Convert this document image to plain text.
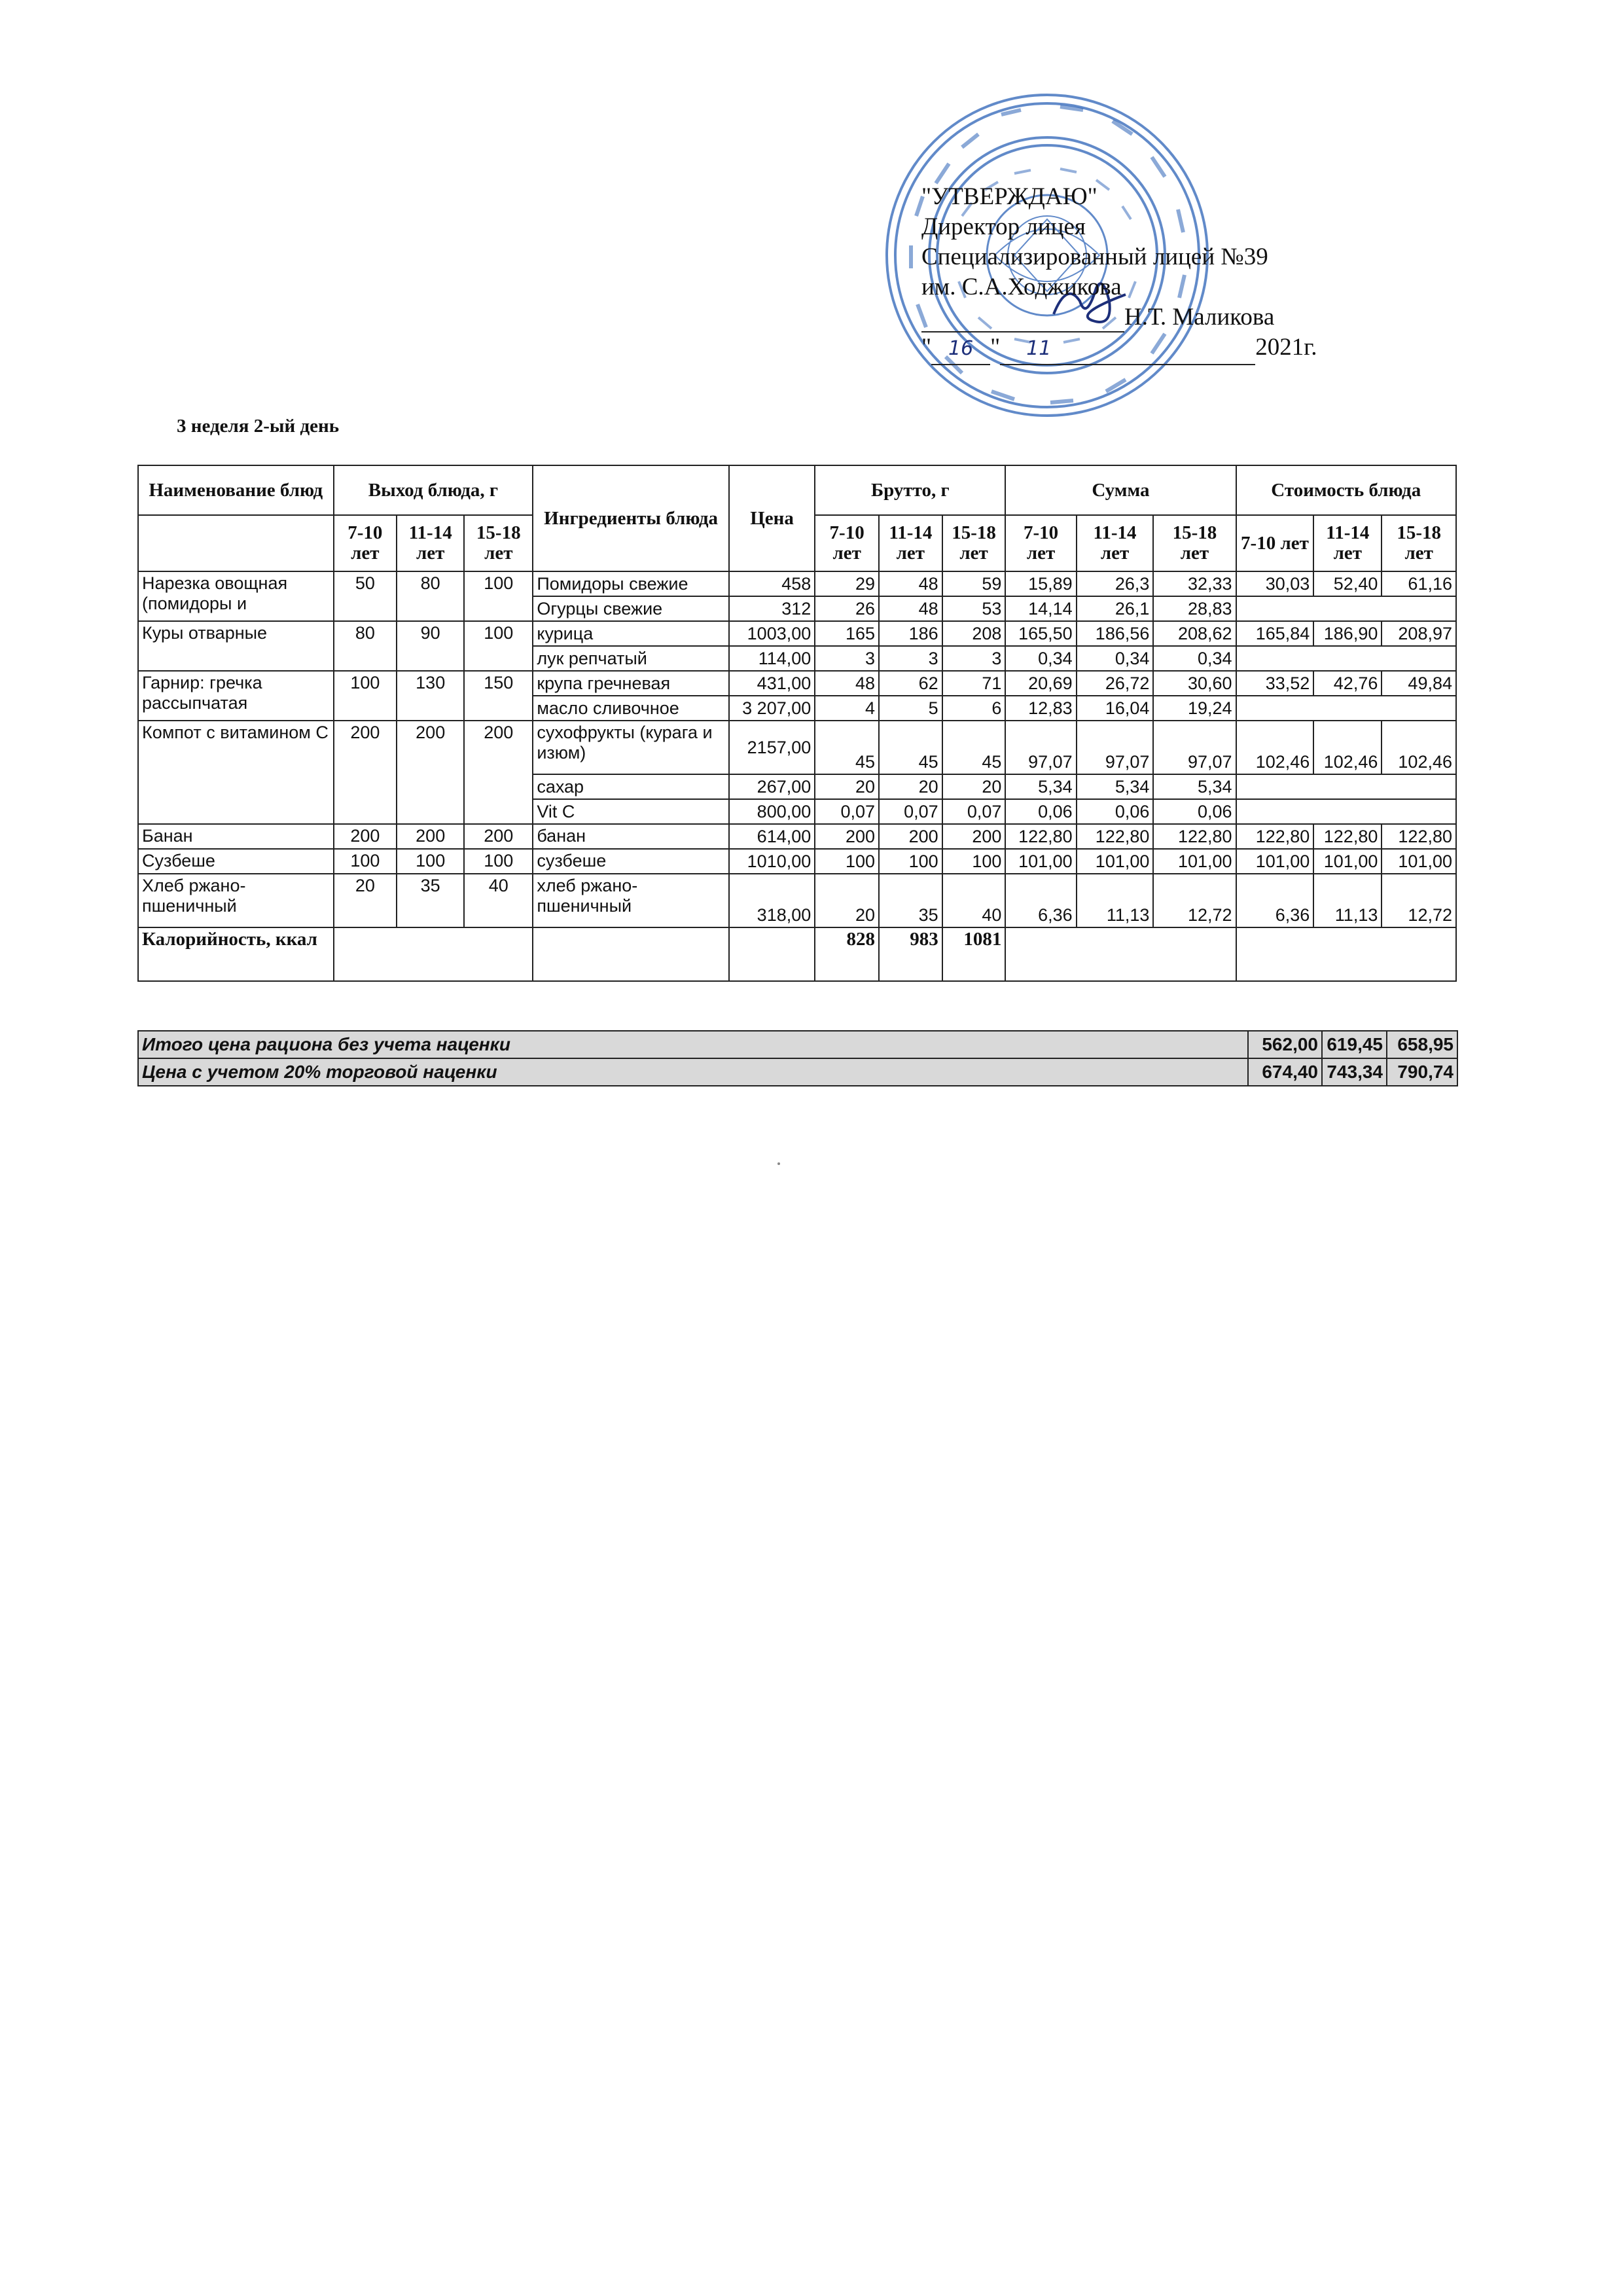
"УТВЕРЖДАЮ"
Директор лицея
Специализированный лицей №39
им. С.А.Ходжикова
Н.Т. Маликова
" 16 " 11	2021г.
3 неделя 2-ый день
Наименование блюд	Выход блюда, г			Ингредиенты блюда	Цена	Брутто, г			Сумма			Стоимость блюда		
	7-10 лет	11-14 лет	15-18 лет			7-10 лет	11-14 лет	15-18 лет	7-10 лет	11-14 лет	15-18 лет	7-10 лет	11-14 лет	15-18 лет
Нарезка овощная (помидоры и	50	80	100	Помидоры свежие	458	29	48	59	15,89	26,3	32,33	30,03	52,40	61,16
				Огурцы свежие	312	26	48	53	14,14	26,1	28,83			
Куры отварные	80	90	100	курица	1003,00	165	186	208	165,50	186,56	208,62	165,84	186,90	208,97
				лук репчатый	114,00	3	3	3	0,34	0,34	0,34			
Гарнир: гречка рассыпчатая	100	130	150	крупа гречневая	431,00	48	62	71	20,69	26,72	30,60	33,52	42,76	49,84
				масло сливочное	3 207,00	4	5	6	12,83	16,04	19,24			
Компот с витамином С	200	200	200	сухофрукты (курага и изюм)	2157,00	45	45	45	97,07	97,07	97,07	102,46	102,46	102,46
				сахар	267,00	20	20	20	5,34	5,34	5,34			
				Vit C	800,00	0,07	0,07	0,07	0,06	0,06	0,06			
Банан	200	200	200	банан	614,00	200	200	200	122,80	122,80	122,80	122,80	122,80	122,80
Сузбеше	100	100	100	сузбеше	1010,00	100	100	100	101,00	101,00	101,00	101,00	101,00	101,00
Хлеб ржано-пшеничный	20	35	40	хлеб ржано-пшеничный	318,00	20	35	40	6,36	11,13	12,72	6,36	11,13	12,72
Калорийность, ккал						828	983	1081						
Итого цена рациона без учета наценки	562,00	619,45	658,95
Цена с учетом 20% торговой наценки	674,40	743,34	790,74
